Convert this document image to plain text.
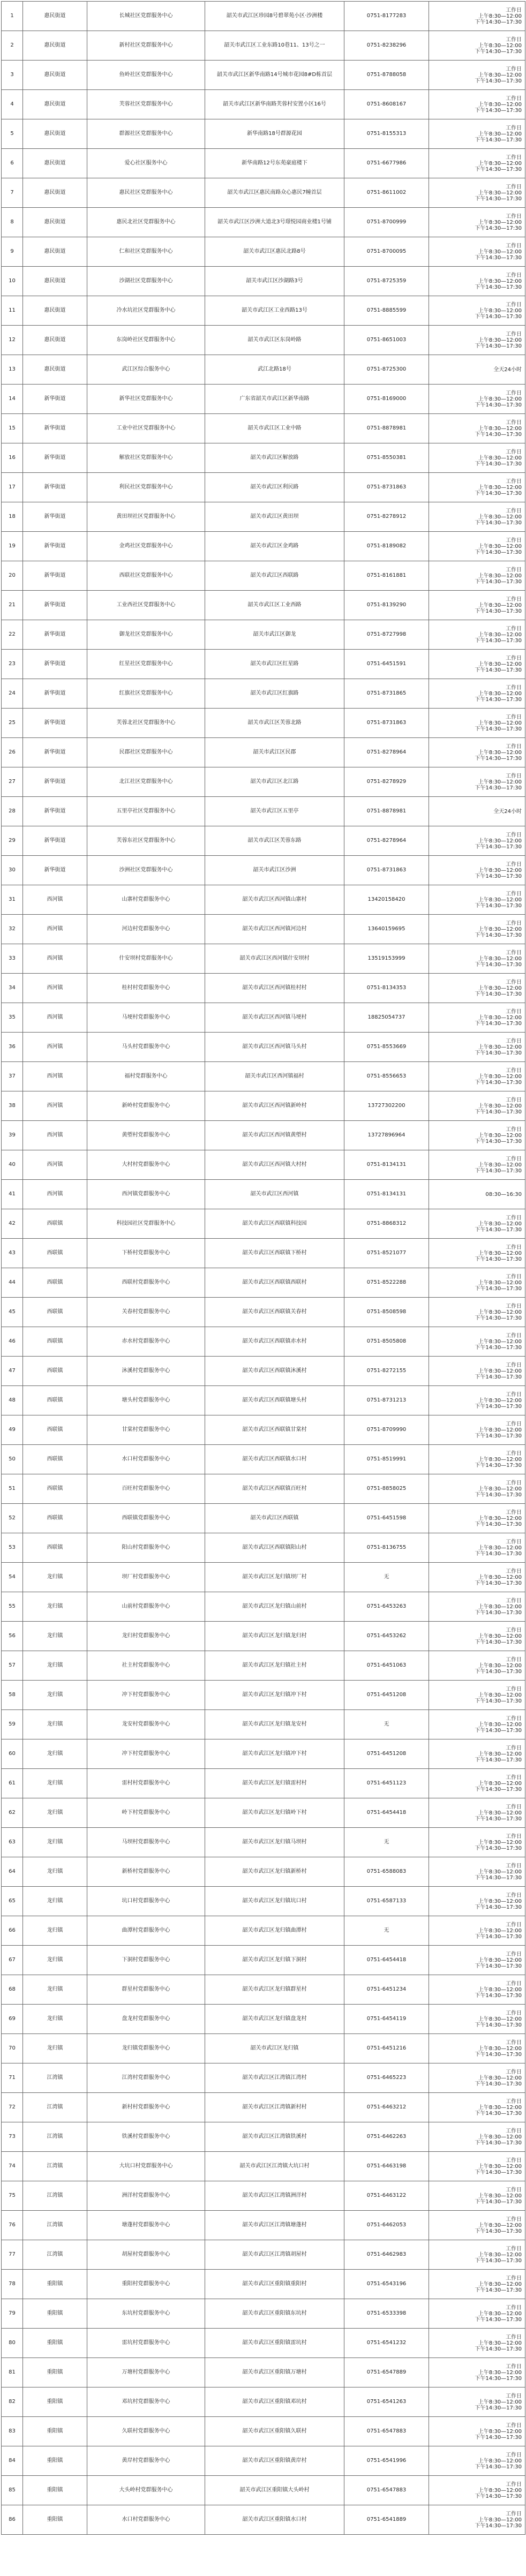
1	惠民街道	长城社区党群服务中心	韶关市武江区珍园8号碧翠苑小区·沙洲楼	0751-8177283	工作日
上午8:30—12:00
下午14:30—17:30

2	惠民街道	新村社区党群服务中心	韶关市武江区工业东路10巷11、13号之一	0751-8238296	工作日
上午8:30—12:00
下午14:30—17:30

3	惠民街道	鱼岭社区党群服务中心	韶关市武江区新华南路14号城市花园8#D栋首层	0751-8788058	工作日
上午8:30—12:00
下午14:30—17:30

4	惠民街道	芙蓉社区党群服务中心	韶关市武江区新华南路芙蓉村安置小区16号	0751-8608167	工作日
上午8:30—12:00
下午14:30—17:30

5	惠民街道	群源社区党群服务中心	新华南路18号群源花园	0751-8155313	工作日
上午8:30—12:00
下午14:30—17:30

6	惠民街道	爱心社区服务中心	新华南路12号东苑豪庭楼下	0751-6677986	工作日
上午8:30—12:00
下午14:30—17:30

7	惠民街道	惠民社区党群服务中心	韶关市武江区惠民南路众心惠民7幢首层	0751-8611002	工作日
上午8:30—12:00
下午14:30—17:30

8	惠民街道	惠民北社区党群服务中心	韶关市武江区沙洲大道北3号璟悦园商业楼1号铺	0751-8700999	工作日
上午8:30—12:00
下午14:30—17:30

9	惠民街道	仁和社区党群服务中心	韶关市武江区惠民北路8号	0751-8700095	工作日
上午8:30—12:00
下午14:30—17:30

10	惠民街道	沙湖社区党群服务中心	韶关市武江区沙湖路3号	0751-8725359	工作日
上午8:30—12:00
下午14:30—17:30

11	惠民街道	冷水坑社区党群服务中心	韶关市武江区工业西路13号	0751-8885599	工作日
上午8:30—12:00
下午14:30—17:30

12	惠民街道	东岗岭社区党群服务中心	韶关市武江区东岗岭路	0751-8651003	工作日
上午8:30—12:00
下午14:30—17:30

13	惠民街道	武江区综合服务中心	武江北路18号	0751-8725300	全天24小时

14	新华街道	新华社区党群服务中心	广东省韶关市武江区新华南路	0751-8169000	工作日
上午8:30—12:00
下午14:30—17:30

15	新华街道	工业中社区党群服务中心	韶关市武江区工业中路	0751-8878981	工作日
上午8:30—12:00
下午14:30—17:30

16	新华街道	解放社区党群服务中心	韶关市武江区解放路	0751-8550381	工作日
上午8:30—12:00
下午14:30—17:30

17	新华街道	利民社区党群服务中心	韶关市武江区利民路	0751-8731863	工作日
上午8:30—12:00
下午14:30—17:30

18	新华街道	黄田坝社区党群服务中心	韶关市武江区黄田坝	0751-8278912	工作日
上午8:30—12:00
下午14:30—17:30

19	新华街道	金鸡社区党群服务中心	韶关市武江区金鸡路	0751-8189082	工作日
上午8:30—12:00
下午14:30—17:30

20	新华街道	西联社区党群服务中心	韶关市武江区西联路	0751-8161881	工作日
上午8:30—12:00
下午14:30—17:30

21	新华街道	工业西社区党群服务中心	韶关市武江区工业西路	0751-8139290	工作日
上午8:30—12:00
下午14:30—17:30

22	新华街道	御龙社区党群服务中心	韶关市武江区御龙	0751-8727998	工作日
上午8:30—12:00
下午14:30—17:30

23	新华街道	红星社区党群服务中心	韶关市武江区红星路	0751-6451591	工作日
上午8:30—12:00
下午14:30—17:30

24	新华街道	红旗社区党群服务中心	韶关市武江区红旗路	0751-8731865	工作日
上午8:30—12:00
下午14:30—17:30

25	新华街道	芙蓉北社区党群服务中心	韶关市武江区芙蓉北路	0751-8731863	工作日
上午8:30—12:00
下午14:30—17:30

26	新华街道	民郡社区党群服务中心	韶关市武江区民郡	0751-8278964	工作日
上午8:30—12:00
下午14:30—17:30

27	新华街道	北江社区党群服务中心	韶关市武江区北江路	0751-8278929	工作日
上午8:30—12:00
下午14:30—17:30

28	新华街道	五里亭社区党群服务中心	韶关市武江区五里亭	0751-8878981	全天24小时

29	新华街道	芙蓉东社区党群服务中心	韶关市武江区芙蓉东路	0751-8278964	工作日
上午8:30—12:00
下午14:30—17:30

30	新华街道	沙洲社区党群服务中心	韶关市武江区沙洲	0751-8731863	工作日
上午8:30—12:00
下午14:30—17:30

31	西河镇	山寨村党群服务中心	韶关市武江区西河镇山寨村	13420158420	工作日
上午8:30—12:00
下午14:30—17:30

32	西河镇	河边村党群服务中心	韶关市武江区西河镇河边村	13640159695	工作日
上午8:30—12:00
下午14:30—17:30

33	西河镇	什安坝村党群服务中心	韶关市武江区西河镇什安坝村	13519153999	工作日
上午8:30—12:00
下午14:30—17:30

34	西河镇	桂村村党群服务中心	韶关市武江区西河镇桂村村	0751-8134353	工作日
上午8:30—12:00
下午14:30—17:30

35	西河镇	马埂村党群服务中心	韶关市武江区西河镇马埂村	18825054737	工作日
上午8:30—12:00
下午14:30—17:30

36	西河镇	马头村党群服务中心	韶关市武江区西河镇马头村	0751-8553669	工作日
上午8:30—12:00
下午14:30—17:30

37	西河镇	福村党群服务中心	韶关市武江区西河镇福村	0751-8556653	工作日
上午8:30—12:00
下午14:30—17:30

38	西河镇	新岭村党群服务中心	韶关市武江区西河镇新岭村	13727302200	工作日
上午8:30—12:00
下午14:30—17:30

39	西河镇	黄塱村党群服务中心	韶关市武江区西河镇黄塱村	13727896964	工作日
上午8:30—12:00
下午14:30—17:30

40	西河镇	大村村党群服务中心	韶关市武江区西河镇大村村	0751-8134131	工作日
上午8:30—12:00
下午14:30—17:30

41	西河镇	西河镇党群服务中心	韶关市武江区西河镇	0751-8134131	08:30—16:30

42	西联镇	科技园社区党群服务中心	韶关市武江区西联镇科技园	0751-8868312	工作日
上午8:30—12:00
下午14:30—17:30

43	西联镇	下桥村党群服务中心	韶关市武江区西联镇下桥村	0751-8521077	工作日
上午8:30—12:00
下午14:30—17:30

44	西联镇	西联村党群服务中心	韶关市武江区西联镇西联村	0751-8522288	工作日
上午8:30—12:00
下午14:30—17:30

45	西联镇	关春村党群服务中心	韶关市武江区西联镇关春村	0751-8508598	工作日
上午8:30—12:00
下午14:30—17:30

46	西联镇	赤水村党群服务中心	韶关市武江区西联镇赤水村	0751-8505808	工作日
上午8:30—12:00
下午14:30—17:30

47	西联镇	沐溪村党群服务中心	韶关市武江区西联镇沐溪村	0751-8272155	工作日
上午8:30—12:00
下午14:30—17:30

48	西联镇	塘头村党群服务中心	韶关市武江区西联镇塘头村	0751-8731213	工作日
上午8:30—12:00
下午14:30—17:30

49	西联镇	甘棠村党群服务中心	韶关市武江区西联镇甘棠村	0751-8709990	工作日
上午8:30—12:00
下午14:30—17:30

50	西联镇	水口村党群服务中心	韶关市武江区西联镇水口村	0751-8519991	工作日
上午8:30—12:00
下午14:30—17:30

51	西联镇	百旺村党群服务中心	韶关市武江区西联镇百旺村	0751-8858025	工作日
上午8:30—12:00
下午14:30—17:30

52	西联镇	西联镇党群服务中心	韶关市武江区西联镇	0751-6451598	工作日
上午8:30—12:00
下午14:30—17:30

53	西联镇	阳山村党群服务中心	韶关市武江区西联镇阳山村	0751-8136755	工作日
上午8:30—12:00
下午14:30—17:30

54	龙归镇	坝厂村党群服务中心	韶关市武江区龙归镇坝厂村	无	工作日
上午8:30—12:00
下午14:30—17:30

55	龙归镇	山前村党群服务中心	韶关市武江区龙归镇山前村	0751-6453263	工作日
上午8:30—12:00
下午14:30—17:30

56	龙归镇	龙归村党群服务中心	韶关市武江区龙归镇龙归村	0751-6453262	工作日
上午8:30—12:00
下午14:30—17:30

57	龙归镇	社主村党群服务中心	韶关市武江区龙归镇社主村	0751-6451063	工作日
上午8:30—12:00
下午14:30—17:30

58	龙归镇	冲下村党群服务中心	韶关市武江区龙归镇冲下村	0751-6451208	工作日
上午8:30—12:00
下午14:30—17:30

59	龙归镇	龙安村党群服务中心	韶关市武江区龙归镇龙安村	无	工作日
上午8:30—12:00
下午14:30—17:30

60	龙归镇	冲下村党群服务中心	韶关市武江区龙归镇冲下村	0751-6451208	工作日
上午8:30—12:00
下午14:30—17:30

61	龙归镇	雷村村党群服务中心	韶关市武江区龙归镇雷村村	0751-6451123	工作日
上午8:30—12:00
下午14:30—17:30

62	龙归镇	岭下村党群服务中心	韶关市武江区龙归镇岭下村	0751-6454418	工作日
上午8:30—12:00
下午14:30—17:30

63	龙归镇	马坝村党群服务中心	韶关市武江区龙归镇马坝村	无	工作日
上午8:30—12:00
下午14:30—17:30

64	龙归镇	新桥村党群服务中心	韶关市武江区龙归镇新桥村	0751-6588083	工作日
上午8:30—12:00
下午14:30—17:30

65	龙归镇	坑口村党群服务中心	韶关市武江区龙归镇坑口村	0751-6587133	工作日
上午8:30—12:00
下午14:30—17:30

66	龙归镇	曲潭村党群服务中心	韶关市武江区龙归镇曲潭村	无	工作日
上午8:30—12:00
下午14:30—17:30

67	龙归镇	下洞村党群服务中心	韶关市武江区龙归镇下洞村	0751-6454418	工作日
上午8:30—12:00
下午14:30—17:30

68	龙归镇	群星村党群服务中心	韶关市武江区龙归镇群星村	0751-6451234	工作日
上午8:30—12:00
下午14:30—17:30

69	龙归镇	盘龙村党群服务中心	韶关市武江区龙归镇盘龙村	0751-6454119	工作日
上午8:30—12:00
下午14:30—17:30

70	龙归镇	龙归镇党群服务中心	韶关市武江区龙归镇	0751-6451216	工作日
上午8:30—12:00
下午14:30—17:30

71	江湾镇	江湾村党群服务中心	韶关市武江区江湾镇江湾村	0751-6465223	工作日
上午8:30—12:00
下午14:30—17:30

72	江湾镇	新村村党群服务中心	韶关市武江区江湾镇新村村	0751-6463212	工作日
上午8:30—12:00
下午14:30—17:30

73	江湾镇	铁溪村党群服务中心	韶关市武江区江湾镇铁溪村	0751-6462263	工作日
上午8:30—12:00
下午14:30—17:30

74	江湾镇	大坑口村党群服务中心	韶关市武江区江湾镇大坑口村	0751-6463198	工作日
上午8:30—12:00
下午14:30—17:30

75	江湾镇	洲洋村党群服务中心	韶关市武江区江湾镇洲洋村	0751-6463122	工作日
上午8:30—12:00
下午14:30—17:30

76	江湾镇	塘蓬村党群服务中心	韶关市武江区江湾镇塘蓬村	0751-6462053	工作日
上午8:30—12:00
下午14:30—17:30

77	江湾镇	胡屋村党群服务中心	韶关市武江区江湾镇胡屋村	0751-6462983	工作日
上午8:30—12:00
下午14:30—17:30

78	重阳镇	重阳村党群服务中心	韶关市武江区重阳镇重阳村	0751-6543196	工作日
上午8:30—12:00
下午14:30—17:30

79	重阳镇	东坑村党群服务中心	韶关市武江区重阳镇东坑村	0751-6533398	工作日
上午8:30—12:00
下午14:30—17:30

80	重阳镇	雷坑村党群服务中心	韶关市武江区重阳镇雷坑村	0751-6541232	工作日
上午8:30—12:00
下午14:30—17:30

81	重阳镇	万塘村党群服务中心	韶关市武江区重阳镇万塘村	0751-6547889	工作日
上午8:30—12:00
下午14:30—17:30

82	重阳镇	邓坑村党群服务中心	韶关市武江区重阳镇邓坑村	0751-6541263	工作日
上午8:30—12:00
下午14:30—17:30

83	重阳镇	久联村党群服务中心	韶关市武江区重阳镇久联村	0751-6547883	工作日
上午8:30—12:00
下午14:30—17:30

84	重阳镇	黄岸村党群服务中心	韶关市武江区重阳镇黄岸村	0751-6541996	工作日
上午8:30—12:00
下午14:30—17:30

85	重阳镇	大头岭村党群服务中心	韶关市武江区重阳镇大头岭村	0751-6547883	工作日
上午8:30—12:00
下午14:30—17:30

86	重阳镇	水口村党群服务中心	韶关市武江区重阳镇水口村	0751-6541889	工作日
上午8:30—12:00
下午14:30—17:30
